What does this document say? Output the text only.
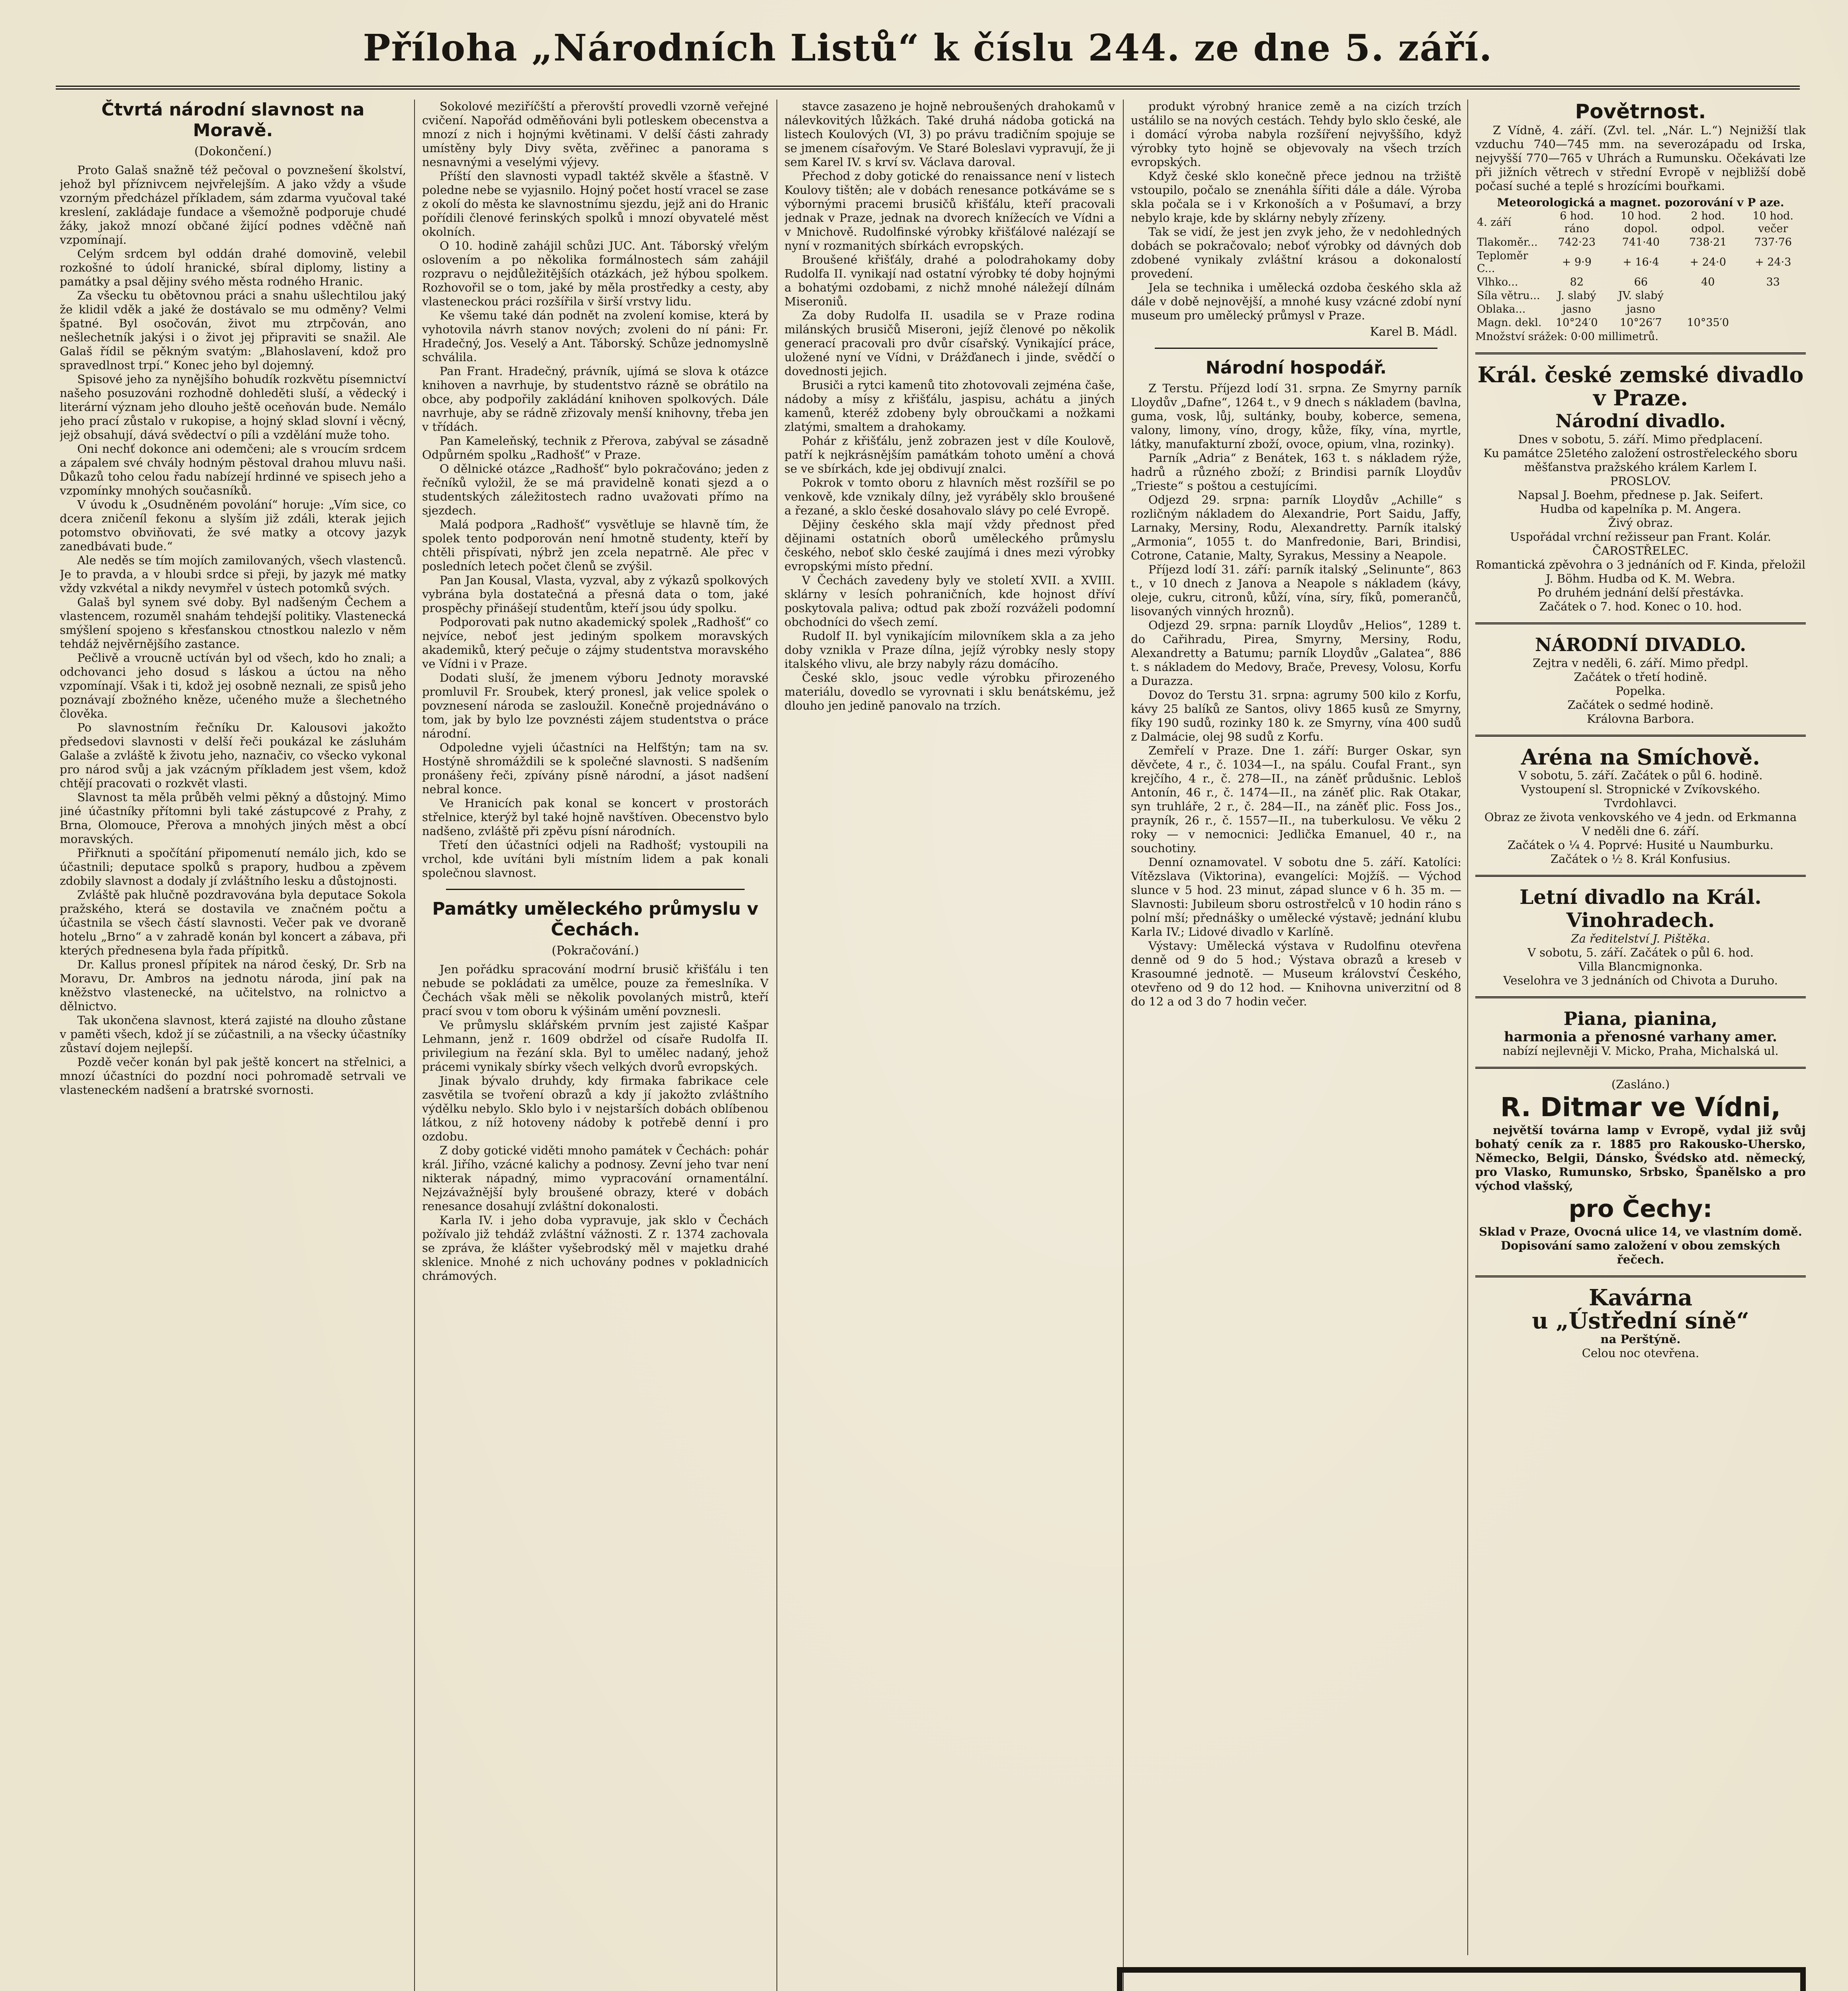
Příloha „Národních Listů“ k číslu 244. ze dne 5. září.
Čtvrtá národní slavnost na Moravě.
(Dokončení.)

Proto Galaš snažně též pečoval o povznešení školství, jehož byl příznivcem nejvřelejším. A jako vždy a všude vzorným předcházel příkladem, sám zdarma vyučoval také kreslení, zakládaje fundace a všemožně podporuje chudé žáky, jakož mnozí občané žijící podnes vděčně naň vzpomínají.

Celým srdcem byl oddán drahé domovině, velebil rozkošné to údolí hranické, sbíral diplomy, listiny a památky a psal dějiny svého města rodného Hranic.

Za všecku tu obětovnou práci a snahu ušlechtilou jaký že klidil vděk a jaké že dostávalo se mu odměny? Velmi špatné. Byl osočován, život mu ztrpčován, ano nešlechetník jakýsi i o život jej připraviti se snažil. Ale Galaš řídil se pěkným svatým: „Blahoslavení, kdož pro spravedlnost trpí.“ Konec jeho byl dojemný.

Spisové jeho za nynějšího bohudík rozkvětu písemnictví našeho posuzováni rozhodně dohleděti sluší, a vědecký i literární význam jeho dlouho ještě oceňován bude. Nemálo jeho prací zůstalo v rukopise, a hojný sklad slovní i věcný, jejž obsahují, dává svědectví o píli a vzdělání muže toho.

Oni nechť dokonce ani odemčeni; ale s vroucím srdcem a zápalem své chvály hodným pěstoval drahou mluvu naši. Důkazů toho celou řadu nabízejí hrdinné ve spisech jeho a vzpomínky mnohých současníků.

V úvodu k „Osudněném povolání“ horuje: „Vím sice, co dcera zničeníl fekonu a slyším již zdáli, kterak jejich potomstvo obviňovati, že své matky a otcovy jazyk zanedbávati bude.“

Ale neděs se tím mojích zamilovaných, všech vlastenců. Je to pravda, a v hloubi srdce si přeji, by jazyk mé matky vždy vzkvétal a nikdy nevymřel v ústech potomků svých.

Galaš byl synem své doby. Byl nadšeným Čechem a vlastencem, rozuměl snahám tehdejší politiky. Vlastenecká smýšlení spojeno s křesťanskou ctnostkou nalezlo v něm tehdáž nejvěrnějšího zastance.

Pečlivě a vroucně uctíván byl od všech, kdo ho znali; a odchovanci jeho dosud s láskou a úctou na něho vzpomínají. Však i ti, kdož jej osobně neznali, ze spisů jeho poznávají zbožného kněze, učeného muže a šlechetného člověka.

Po slavnostním řečníku Dr. Kalousovi jakožto předsedovi slavnosti v delší řeči poukázal ke zásluhám Galaše a zvláště k životu jeho, naznačiv, co všecko vykonal pro národ svůj a jak vzácným příkladem jest všem, kdož chtějí pracovati o rozkvět vlasti.

Slavnost ta měla průběh velmi pěkný a důstojný. Mimo jiné účastníky přítomni byli také zástupcové z Prahy, z Brna, Olomouce, Přerova a mnohých jiných měst a obcí moravských.

Přiřknuti a spočítání připomenutí nemálo jich, kdo se účastnili; deputace spolků s prapory, hudbou a zpěvem zdobily slavnost a dodaly jí zvláštního lesku a důstojnosti.

Zvláště pak hlučně pozdravována byla deputace Sokola pražského, která se dostavila ve značném počtu a účastnila se všech částí slavnosti. Večer pak ve dvoraně hotelu „Brno“ a v zahradě konán byl koncert a zábava, při kterých přednesena byla řada přípitků.

Dr. Kallus pronesl přípitek na národ český, Dr. Srb na Moravu, Dr. Ambros na jednotu národa, jiní pak na kněžstvo vlastenecké, na učitelstvo, na rolnictvo a dělnictvo.

Tak ukončena slavnost, která zajisté na dlouho zůstane v paměti všech, kdož jí se zúčastnili, a na všecky účastníky zůstaví dojem nejlepší.

Pozdě večer konán byl pak ještě koncert na střelnici, a mnozí účastníci do pozdní noci pohromadě setrvali ve vlasteneckém nadšení a bratrské svornosti.

Sokolové meziříčští a přerovští provedli vzorně veřejné cvičení. Napořád odměňováni byli potleskem obecenstva a mnozí z nich i hojnými květinami. V delší části zahrady umístěny byly Divy světa, zvěřinec a panorama s nesnavnými a veselými výjevy.

Příští den slavnosti vypadl taktéž skvěle a šťastně. V poledne nebe se vyjasnilo. Hojný počet hostí vracel se zase z okolí do města ke slavnostnímu sjezdu, jejž ani do Hranic pořídili členové ferinských spolků i mnozí obyvatelé měst okolních.

O 10. hodině zahájil schůzi JUC. Ant. Táborský vřelým oslovením a po několika formálnostech sám zahájil rozpravu o nejdůležitějších otázkách, jež hýbou spolkem. Rozhovořil se o tom, jaké by měla prostředky a cesty, aby vlasteneckou práci rozšířila v širší vrstvy lidu.

Ke všemu také dán podnět na zvolení komise, která by vyhotovila návrh stanov nových; zvoleni do ní páni: Fr. Hradečný, Jos. Veselý a Ant. Táborský. Schůze jednomyslně schválila.

Pan Frant. Hradečný, právník, ujímá se slova k otázce knihoven a navrhuje, by studentstvo rázně se obrátilo na obce, aby podpořily zakládání knihoven spolkových. Dále navrhuje, aby se rádně zřizovaly menší knihovny, třeba jen v třídách.

Pan Kameleňský, technik z Přerova, zabýval se zásadně Odpůrném spolku „Radhošť“ v Praze.

O dělnické otázce „Radhošť“ bylo pokračováno; jeden z řečníků vyložil, že se má pravidelně konati sjezd a o studentských záležitostech radno uvažovati přímo na sjezdech.

Malá podpora „Radhošť“ vysvětluje se hlavně tím, že spolek tento podporován není hmotně studenty, kteří by chtěli přispívati, nýbrž jen zcela nepatrně. Ale přec v posledních letech počet členů se zvýšil.

Pan Jan Kousal, Vlasta, vyzval, aby z výkazů spolkových vybrána byla dostatečná a přesná data o tom, jaké prospěchy přinášejí studentům, kteří jsou údy spolku.

Podporovati pak nutno akademický spolek „Radhošť“ co nejvíce, neboť jest jediným spolkem moravských akademiků, který pečuje o zájmy studentstva moravského ve Vídni i v Praze.

Dodati sluší, že jmenem výboru Jednoty moravské promluvil Fr. Sroubek, který pronesl, jak velice spolek o povznesení národa se zasloužil. Konečně projednáváno o tom, jak by bylo lze povznésti zájem studentstva o práce národní.

Odpoledne vyjeli účastníci na Helfštýn; tam na sv. Hostýně shromáždili se k společné slavnosti. S nadšením pronášeny řeči, zpívány písně národní, a jásot nadšení nebral konce.

Ve Hranicích pak konal se koncert v prostorách střelnice, kterýž byl také hojně navštíven. Obecenstvo bylo nadšeno, zvláště při zpěvu písní národních.

Třetí den účastníci odjeli na Radhošť; vystoupili na vrchol, kde uvítáni byli místním lidem a pak konali společnou slavnost.

Památky uměleckého průmyslu v Čechách.
(Pokračování.)

Jen pořádku spracování modrní brusič křišťálu i ten nebude se pokládati za umělce, pouze za řemeslníka. V Čechách však měli se několik povolaných mistrů, kteří prací svou v tom oboru k výšinám umění povznesli.

Ve průmyslu sklářském prvním jest zajisté Kašpar Lehmann, jenž r. 1609 obdržel od císaře Rudolfa II. privilegium na řezání skla. Byl to umělec nadaný, jehož prácemi vynikaly sbírky všech velkých dvorů evropských.

Jinak bývalo druhdy, kdy firmaka fabrikace cele zasvětila se tvoření obrazů a kdy jí jakožto zvláštního výdělku nebylo. Sklo bylo i v nejstarších dobách oblíbenou látkou, z níž hotoveny nádoby k potřebě denní i pro ozdobu.

Z doby gotické viděti mnoho památek v Čechách: pohár král. Jiřího, vzácné kalichy a podnosy. Zevní jeho tvar není nikterak nápadný, mimo vypracování ornamentální. Nejzávažnější byly broušené obrazy, které v dobách renesance dosahují zvláštní dokonalosti.

Karla IV. i jeho doba vypravuje, jak sklo v Čechách požívalo již tehdáž zvláštní vážnosti. Z r. 1374 zachovala se zpráva, že klášter vyšebrodský měl v majetku drahé sklenice. Mnohé z nich uchovány podnes v pokladnicích chrámových.

stavce zasazeno je hojně nebroušených drahokamů v nálevkovitých lůžkách. Také druhá nádoba gotická na listech Koulových (VI, 3) po právu tradičním spojuje se se jmenem císařovým. Ve Staré Boleslavi vypravují, že ji sem Karel IV. s krví sv. Václava daroval.

Přechod z doby gotické do renaissance není v listech Koulovy tištěn; ale v dobách renesance potkáváme se s výbornými pracemi brusičů křišťálu, kteří pracovali jednak v Praze, jednak na dvorech knížecích ve Vídni a v Mnichově. Rudolfinské výrobky křišťálové nalézají se nyní v rozmanitých sbírkách evropských.

Broušené křišťály, drahé a polodrahokamy doby Rudolfa II. vynikají nad ostatní výrobky té doby hojnými a bohatými ozdobami, z nichž mnohé náležejí dílnám Miseroniů.

Za doby Rudolfa II. usadila se v Praze rodina milánských brusičů Miseroni, jejíž členové po několik generací pracovali pro dvůr císařský. Vynikající práce, uložené nyní ve Vídni, v Drážďanech i jinde, svědčí o dovednosti jejich.

Brusiči a rytci kamenů tito zhotovovali zejména čaše, nádoby a mísy z křišťálu, jaspisu, achátu a jiných kamenů, kteréž zdobeny byly obroučkami a nožkami zlatými, smaltem a drahokamy.

Pohár z křišťálu, jenž zobrazen jest v díle Koulově, patří k nejkrásnějším památkám tohoto umění a chová se ve sbírkách, kde jej obdivují znalci.

Pokrok v tomto oboru z hlavních měst rozšířil se po venkově, kde vznikaly dílny, jež vyráběly sklo broušené a řezané, a sklo české dosahovalo slávy po celé Evropě.

Dějiny českého skla mají vždy přednost před dějinami ostatních oborů uměleckého průmyslu českého, neboť sklo české zaujímá i dnes mezi výrobky evropskými místo přední.

V Čechách zavedeny byly ve století XVII. a XVIII. sklárny v lesích pohraničních, kde hojnost dříví poskytovala paliva; odtud pak zboží rozváželi podomní obchodníci do všech zemí.

Rudolf II. byl vynikajícím milovníkem skla a za jeho doby vznikla v Praze dílna, jejíž výrobky nesly stopy italského vlivu, ale brzy nabyly rázu domácího.

České sklo, jsouc vedle výrobku přirozeného materiálu, dovedlo se vyrovnati i sklu benátskému, jež dlouho jen jedině panovalo na trzích.

produkt výrobný hranice země a na cizích trzích ustálilo se na nových cestách. Tehdy bylo sklo české, ale i domácí výroba nabyla rozšíření nejvyššího, když výrobky tyto hojně se objevovaly na všech trzích evropských.

Když české sklo konečně přece jednou na tržiště vstoupilo, počalo se znenáhla šířiti dále a dále. Výroba skla počala se i v Krkonoších a v Pošumaví, a brzy nebylo kraje, kde by sklárny nebyly zřízeny.

Tak se vidí, že jest jen zvyk jeho, že v nedohledných dobách se pokračovalo; neboť výrobky od dávných dob zdobené vynikaly zvláštní krásou a dokonalostí provedení.

Jela se technika i umělecká ozdoba českého skla až dále v době nejnovější, a mnohé kusy vzácné zdobí nyní museum pro umělecký průmysl v Praze.

Karel B. Mádl.
Národní hospodář.

Z Terstu. Příjezd lodí 31. srpna. Ze Smyrny parník Lloydův „Dafne“, 1264 t., v 9 dnech s nákladem (bavlna, guma, vosk, lůj, sultánky, bouby, koberce, semena, valony, limony, víno, drogy, kůže, fíky, vína, myrtle, látky, manufakturní zboží, ovoce, opium, vlna, rozinky).

Parník „Adria“ z Benátek, 163 t. s nákladem rýže, hadrů a různého zboží; z Brindisi parník Lloydův „Trieste“ s poštou a cestujícími.

Odjezd 29. srpna: parník Lloydův „Achille“ s rozličným nákladem do Alexandrie, Port Saidu, Jaffy, Larnaky, Mersiny, Rodu, Alexandretty. Parník italský „Armonia“, 1055 t. do Manfredonie, Bari, Brindisi, Cotrone, Catanie, Malty, Syrakus, Messiny a Neapole.

Příjezd lodí 31. září: parník italský „Selinunte“, 863 t., v 10 dnech z Janova a Neapole s nákladem (kávy, oleje, cukru, citronů, kůží, vína, síry, fíků, pomerančů, lisovaných vinných hroznů).

Odjezd 29. srpna: parník Lloydův „Helios“, 1289 t. do Cařihradu, Pirea, Smyrny, Mersiny, Rodu, Alexandretty a Batumu; parník Lloydův „Galatea“, 886 t. s nákladem do Medovy, Brače, Prevesy, Volosu, Korfu a Durazza.

Dovoz do Terstu 31. srpna: agrumy 500 kilo z Korfu, kávy 25 balíků ze Santos, olivy 1865 kusů ze Smyrny, fíky 190 sudů, rozinky 180 k. ze Smyrny, vína 400 sudů z Dalmácie, olej 98 sudů z Korfu.

Zemřelí v Praze. Dne 1. září: Burger Oskar, syn děvčete, 4 r., č. 1034—I., na spálu. Coufal Frant., syn krejčího, 4 r., č. 278—II., na záněť průdušnic. Lebloš Antonín, 46 r., č. 1474—II., na záněť plic. Rak Otakar, syn truhláře, 2 r., č. 284—II., na záněť plic. Foss Jos., prayník, 26 r., č. 1557—II., na tuberkulosu. Ve věku 2 roky — v nemocnici: Jedlička Emanuel, 40 r., na souchotiny.

Denní oznamovatel. V sobotu dne 5. září. Katolíci: Vítězslava (Viktorina), evangelíci: Mojžíš. — Východ slunce v 5 hod. 23 minut, západ slunce v 6 h. 35 m. — Slavnosti: Jubileum sboru ostrostřelců v 10 hodin ráno s polní mší; přednášky o umělecké výstavě; jednání klubu Karla IV.; Lidové divadlo v Karlíně.

Výstavy: Umělecká výstava v Rudolfinu otevřena denně od 9 do 5 hod.; Výstava obrazů a kreseb v Krasoumné jednotě. — Museum království Českého, otevřeno od 9 do 12 hod. — Knihovna univerzitní od 8 do 12 a od 3 do 7 hodin večer.

Povětrnost.

Z Vídně, 4. září. (Zvl. tel. „Nár. L.“) Nejnižší tlak vzduchu 740—745 mm. na severozápadu od Irska, nejvyšší 770—765 v Uhrách a Rumunsku. Očekávati lze při jižních větrech v střední Evropě v nejbližší době počasí suché a teplé s hrozícími bouřkami.

Meteorologická a magnet. pozorování v P aze.
4. září	6 hod. ráno	10 hod. dopol.	2 hod. odpol.	10 hod. večer
Tlakoměr...	742·23	741·40	738·21	737·76
Teploměr C...	+ 9·9	+ 16·4	+ 24·0	+ 24·3
Vlhko...	82	66	40	33
Síla větru...	J. slabý	JV. slabý		
Oblaka...	jasno	jasno		
Magn. dekl.	10°24′0	10°26′7	10°35′0	
Množství srážek: 0·00 millimetrů.
Král. české zemské divadlo v Praze.
Národní divadlo.
Dnes v sobotu, 5. září. Mimo předplacení.
Ku památce 25letého založení ostrostřeleckého sboru měšťanstva pražského králem Karlem I.
PROSLOV.
Napsal J. Boehm, přednese p. Jak. Seifert.
Hudba od kapelníka p. M. Angera.
Živý obraz.
Uspořádal vrchní režisseur pan Frant. Kolár.
ČAROSTŘELEC.
Romantická zpěvohra o 3 jednáních od F. Kinda, přeložil J. Böhm. Hudba od K. M. Webra.
Po druhém jednání delší přestávka.
Začátek o 7. hod. Konec o 10. hod.
NÁRODNÍ DIVADLO.
Zejtra v neděli, 6. září. Mimo předpl.
Začátek o třetí hodině.
Popelka.
Začátek o sedmé hodině.
Královna Barbora.
Aréna na Smíchově.
V sobotu, 5. září. Začátek o půl 6. hodině.
Vystoupení sl. Stropnické v Zvíkovského.
Tvrdohlavci.
Obraz ze života venkovského ve 4 jedn. od Erkmanna
V neděli dne 6. září.
Začátek o ¼ 4. Poprvé: Husité u Naumburku.
Začátek o ½ 8. Král Konfusius.
Letní divadlo na Král. Vinohradech.
Za ředitelství J. Pištěka.
V sobotu, 5. září. Začátek o půl 6. hod.
Villa Blancmignonka.
Veselohra ve 3 jednáních od Chivota a Duruho.
Piana, pianina,
harmonia a přenosné varhany amer.
nabízí nejlevněji V. Micko, Praha, Michalská ul.
(Zasláno.)
R. Ditmar ve Vídni,

největší továrna lamp v Evropě, vydal již svůj bohatý ceník za r. 1885 pro Rakousko-Uhersko, Německo, Belgii, Dánsko, Švédsko atd. německý, pro Vlasko, Rumunsko, Srbsko, Španělsko a pro východ vlašský,

pro Čechy:
Sklad v Praze, Ovocná ulice 14, ve vlastním domě.
Dopisování samo založení v obou zemských řečech.
Kavárna
u „Ústřední síně“
na Perštýně.
Celou noc otevřena.
